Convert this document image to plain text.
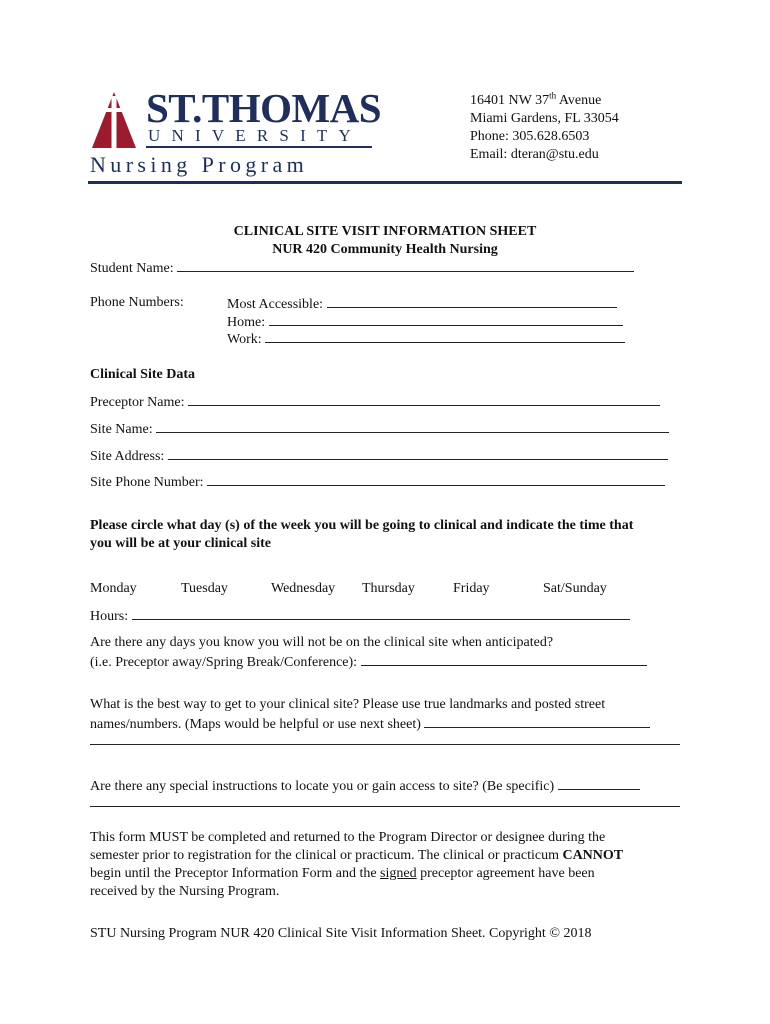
ST.THOMAS
UNIVERSITY
Nursing Program
16401 NW 37th Avenue
Miami Gardens, FL 33054
Phone: 305.628.6503
Email: dteran@stu.edu
CLINICAL SITE VISIT INFORMATION SHEET
NUR 420 Community Health Nursing
Student Name:
Phone Numbers:	Most Accessible:
Home:
Work:
Clinical Site Data
Preceptor Name:
Site Name:
Site Address:
Site Phone Number:
Please circle what day (s) of the week you will be going to clinical and indicate the time that
you will be at your clinical site
Monday	Tuesday	Wednesday Thursday	Friday	Sat/Sunday
Hours:
Are there any days you know you will not be on the clinical site when anticipated?
(i.e. Preceptor away/Spring Break/Conference):
What is the best way to get to your clinical site? Please use true landmarks and posted street
names/numbers. (Maps would be helpful or use next sheet)
Are there any special instructions to locate you or gain access to site? (Be specific)
This form MUST be completed and returned to the Program Director or designee during the
semester prior to registration for the clinical or practicum. The clinical or practicum CANNOT
begin until the Preceptor Information Form and the signed preceptor agreement have been
received by the Nursing Program.
STU Nursing Program NUR 420 Clinical Site Visit Information Sheet. Copyright © 2018
